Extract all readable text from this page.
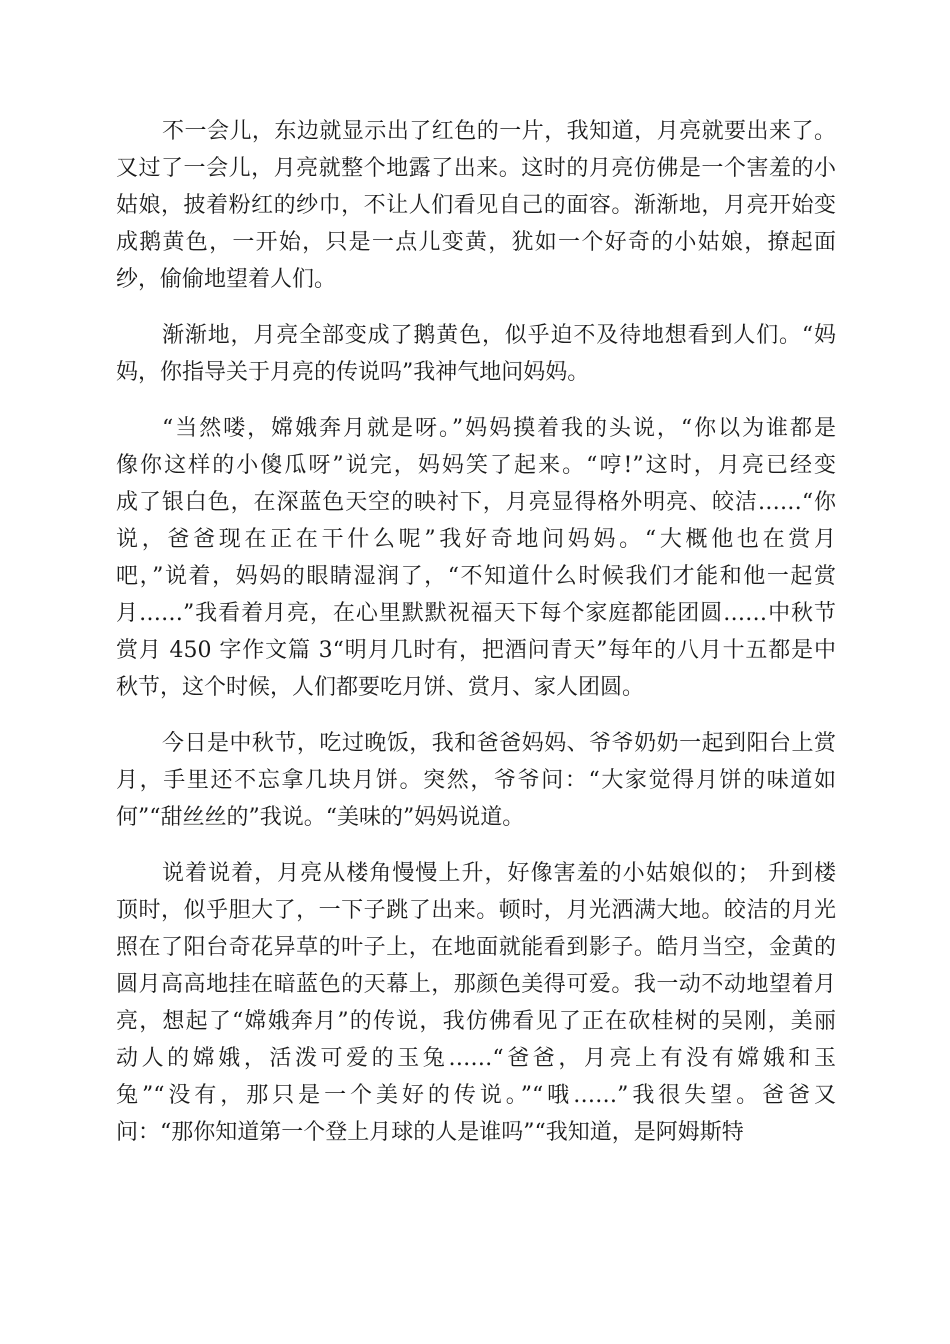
不一会儿，东边就显示出了红色的一片，我知道，月亮就要出来了。
又过了一会儿，月亮就整个地露了出来。这时的月亮仿佛是一个害羞的小
姑娘，披着粉红的纱巾，不让人们看见自己的面容。渐渐地，月亮开始变
成鹅黄色，一开始，只是一点儿变黄，犹如一个好奇的小姑娘，撩起面
纱，偷偷地望着人们。
渐渐地，月亮全部变成了鹅黄色，似乎迫不及待地想看到人们。“妈
妈，你指导关于月亮的传说吗”我神气地问妈妈。
“当然喽，嫦娥奔月就是呀。”妈妈摸着我的头说，“你以为谁都是
像你这样的小傻瓜呀”说完，妈妈笑了起来。“哼!”这时，月亮已经变
成了银白色，在深蓝色天空的映衬下，月亮显得格外明亮、皎洁……“你
说，爸爸现在正在干什么呢”我好奇地问妈妈。“大概他也在赏月
吧，”说着，妈妈的眼睛湿润了，“不知道什么时候我们才能和他一起赏
月……”我看着月亮，在心里默默祝福天下每个家庭都能团圆……中秋节
赏月 450 字作文篇 3“明月几时有，把酒问青天”每年的八月十五都是中
秋节，这个时候，人们都要吃月饼、赏月、家人团圆。
今日是中秋节，吃过晚饭，我和爸爸妈妈、爷爷奶奶一起到阳台上赏
月，手里还不忘拿几块月饼。突然，爷爷问：“大家觉得月饼的味道如
何”“甜丝丝的”我说。“美味的”妈妈说道。
说着说着，月亮从楼角慢慢上升，好像害羞的小姑娘似的； 升到楼
顶时，似乎胆大了，一下子跳了出来。顿时，月光洒满大地。皎洁的月光
照在了阳台奇花异草的叶子上，在地面就能看到影子。皓月当空，金黄的
圆月高高地挂在暗蓝色的天幕上，那颜色美得可爱。我一动不动地望着月
亮，想起了“嫦娥奔月”的传说，我仿佛看见了正在砍桂树的吴刚，美丽
动人的嫦娥，活泼可爱的玉兔……“爸爸，月亮上有没有嫦娥和玉
兔”“没有，那只是一个美好的传说。”“哦……”我很失望。爸爸又
问：“那你知道第一个登上月球的人是谁吗”“我知道，是阿姆斯特
